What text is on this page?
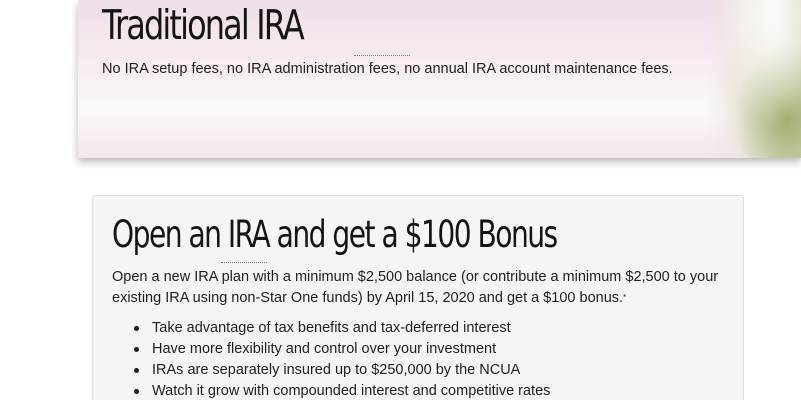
Traditional IRA

No IRA setup fees, no IRA administration fees, no annual IRA account maintenance fees.

Open an IRA and get a $100 Bonus

Open a new IRA plan with a minimum $2,500 balance (or contribute a minimum $2,500 to your existing IRA using non-Star One funds) by April 15, 2020 and get a $100 bonus.*

Take advantage of tax benefits and tax-deferred interest
Have more flexibility and control over your investment
IRAs are separately insured up to $250,000 by the NCUA
Watch it grow with compounded interest and competitive rates
